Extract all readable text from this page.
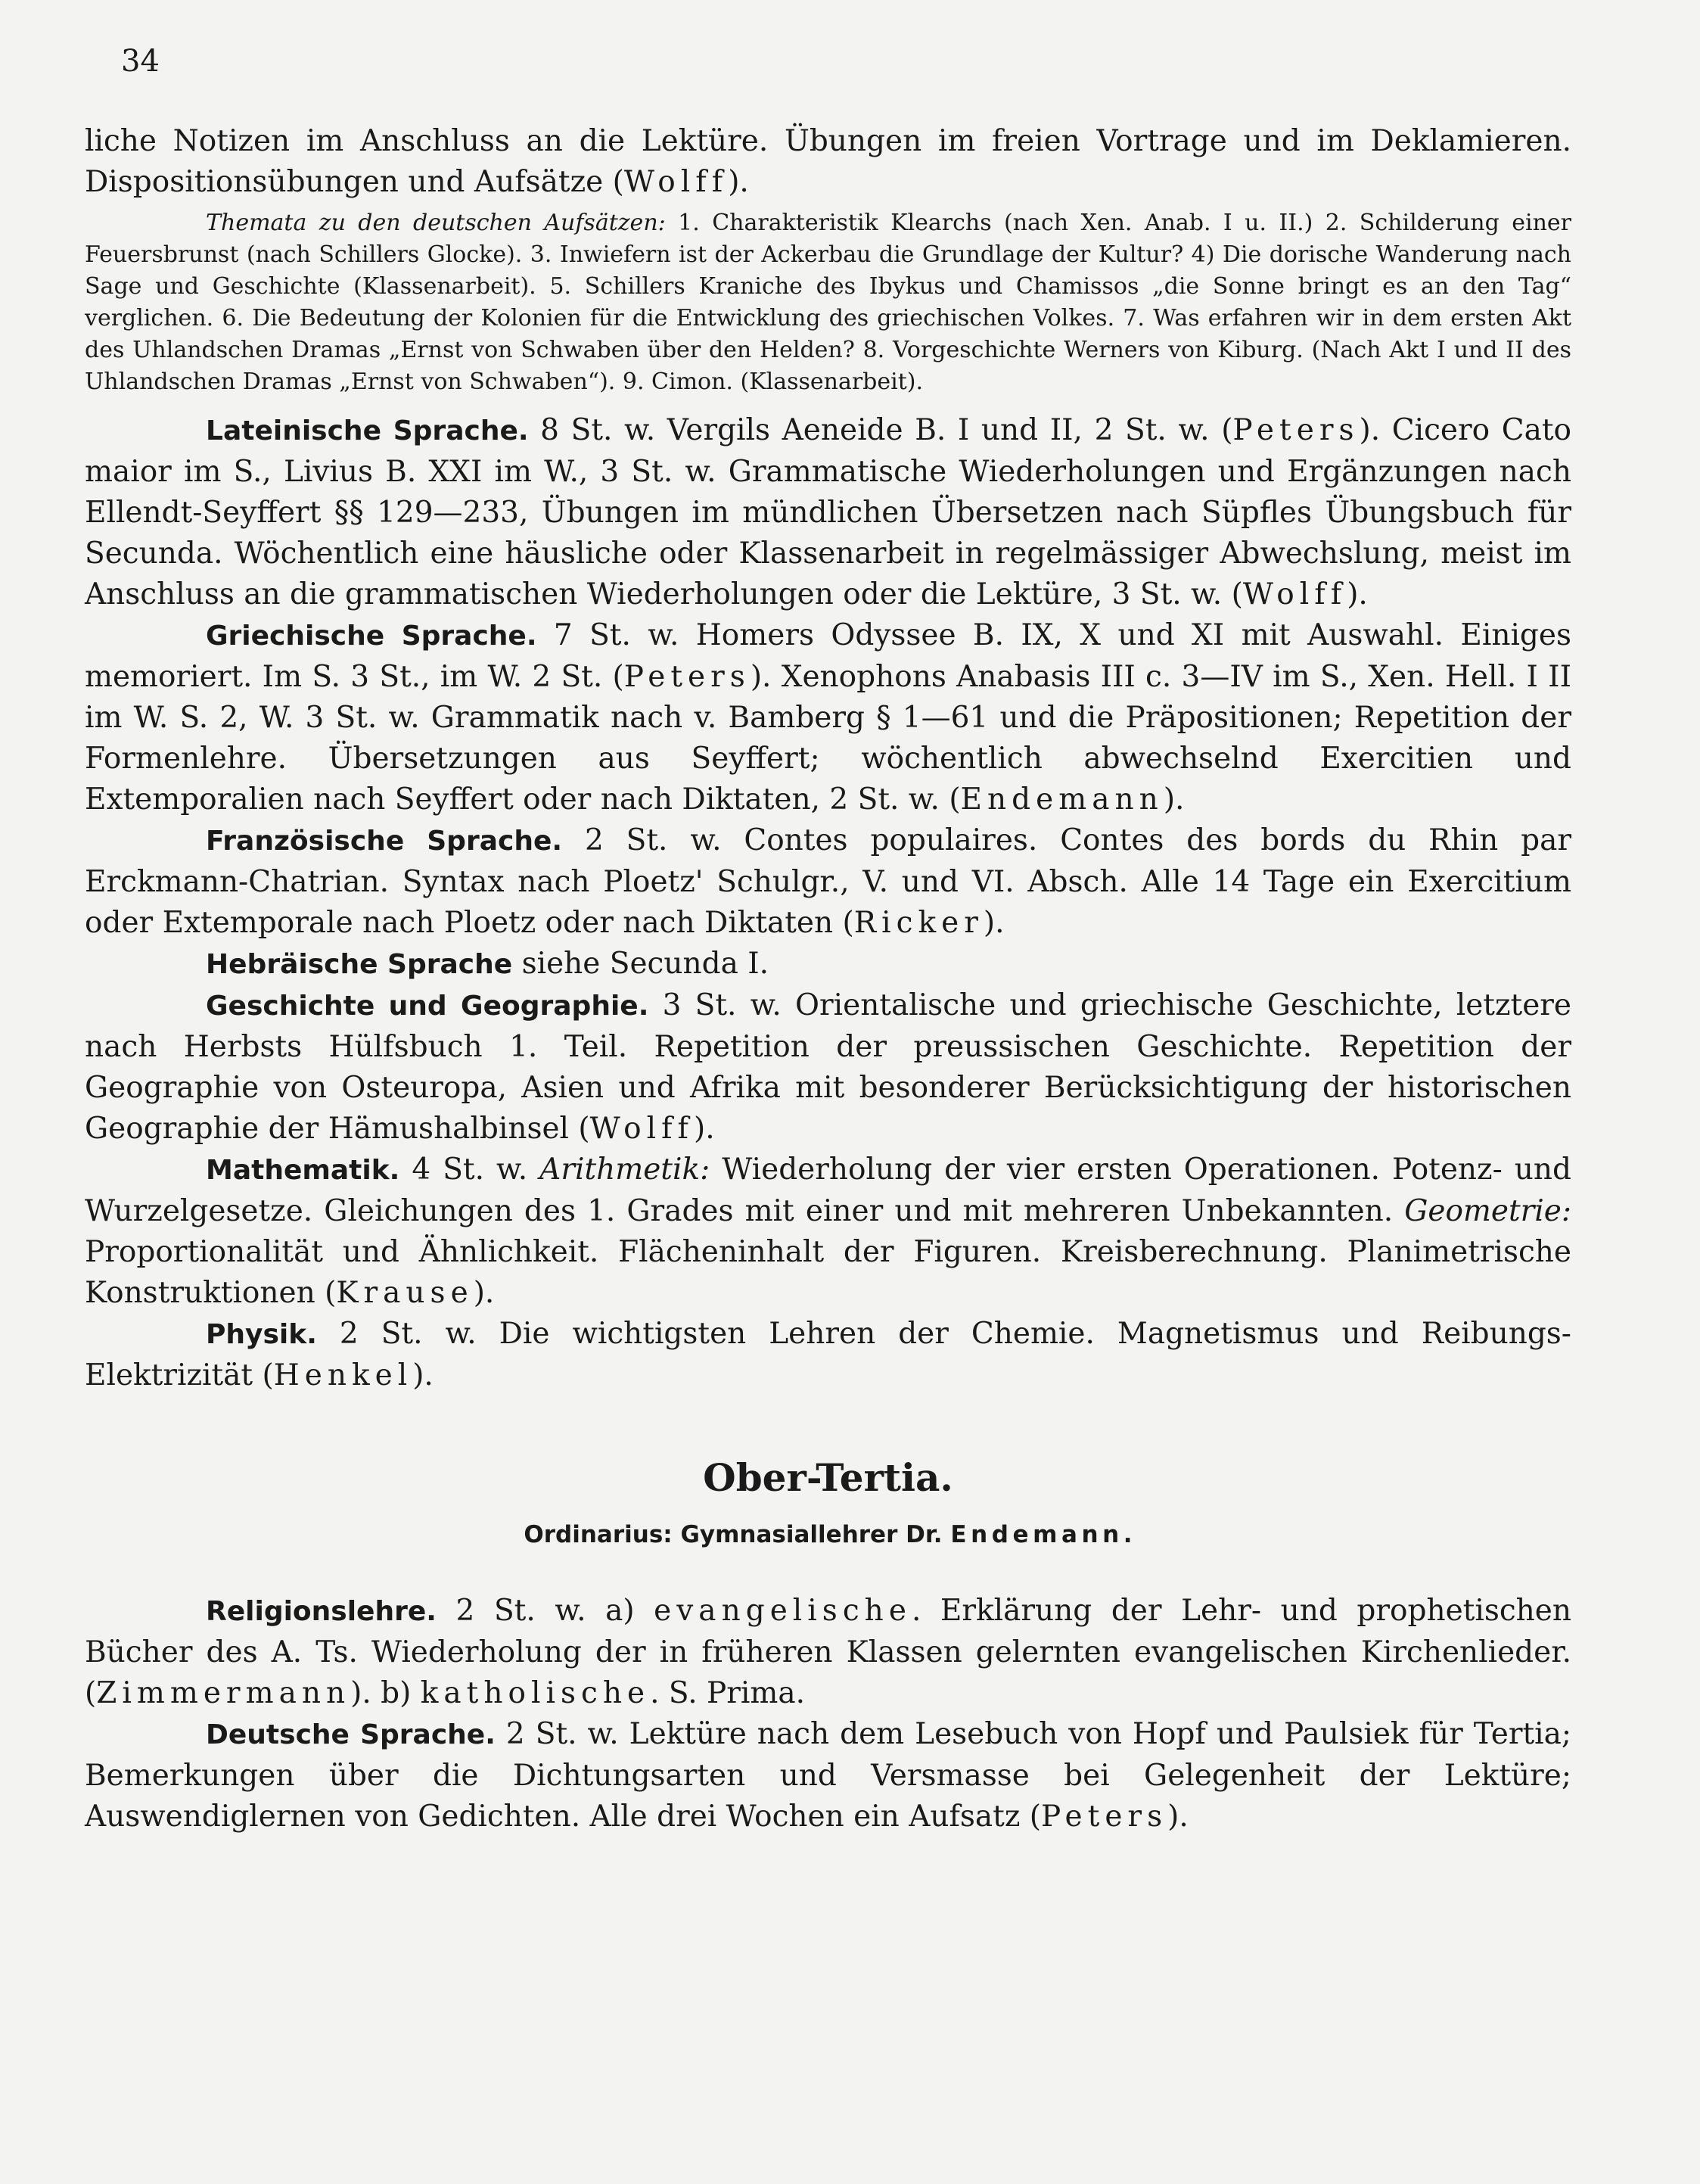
34

liche Notizen im Anschluss an die Lektüre. Übungen im freien Vortrage und im Deklamieren. Dispositionsübungen und Aufsätze (Wolff).

Themata zu den deutschen Aufsätzen: 1. Charakteristik Klearchs (nach Xen. Anab. I u. II.) 2. Schilderung einer Feuersbrunst (nach Schillers Glocke). 3. Inwiefern ist der Ackerbau die Grundlage der Kultur? 4) Die dorische Wanderung nach Sage und Geschichte (Klassenarbeit). 5. Schillers Kraniche des Ibykus und Chamissos „die Sonne bringt es an den Tag“ verglichen. 6. Die Bedeutung der Kolonien für die Entwicklung des griechischen Volkes. 7. Was erfahren wir in dem ersten Akt des Uhlandschen Dramas „Ernst von Schwaben über den Helden? 8. Vorgeschichte Werners von Kiburg. (Nach Akt I und II des Uhlandschen Dramas „Ernst von Schwaben“). 9. Cimon. (Klassenarbeit).

Lateinische Sprache. 8 St. w. Vergils Aeneide B. I und II, 2 St. w. (Peters). Cicero Cato maior im S., Livius B. XXI im W., 3 St. w. Grammatische Wiederholungen und Ergänzungen nach Ellendt-Seyffert §§ 129—233, Übungen im mündlichen Übersetzen nach Süpfles Übungsbuch für Secunda. Wöchentlich eine häusliche oder Klassenarbeit in regelmässiger Abwechslung, meist im Anschluss an die grammatischen Wiederholungen oder die Lektüre, 3 St. w. (Wolff).

Griechische Sprache. 7 St. w. Homers Odyssee B. IX, X und XI mit Auswahl. Einiges memoriert. Im S. 3 St., im W. 2 St. (Peters). Xenophons Anabasis III c. 3—IV im S., Xen. Hell. I II im W. S. 2, W. 3 St. w. Grammatik nach v. Bamberg § 1—61 und die Präpositionen; Repetition der Formenlehre. Übersetzungen aus Seyffert; wöchentlich abwechselnd Exercitien und Extemporalien nach Seyffert oder nach Diktaten, 2 St. w. (Endemann).

Französische Sprache. 2 St. w. Contes populaires. Contes des bords du Rhin par Erckmann-Chatrian. Syntax nach Ploetz' Schulgr., V. und VI. Absch. Alle 14 Tage ein Exercitium oder Extemporale nach Ploetz oder nach Diktaten (Ricker).

Hebräische Sprache siehe Secunda I.

Geschichte und Geographie. 3 St. w. Orientalische und griechische Geschichte, letztere nach Herbsts Hülfsbuch 1. Teil. Repetition der preussischen Geschichte. Repetition der Geographie von Osteuropa, Asien und Afrika mit besonderer Berücksichtigung der historischen Geographie der Hämushalbinsel (Wolff).

Mathematik. 4 St. w. Arithmetik: Wiederholung der vier ersten Operationen. Potenz- und Wurzelgesetze. Gleichungen des 1. Grades mit einer und mit mehreren Unbekannten. Geometrie: Proportionalität und Ähnlichkeit. Flächeninhalt der Figuren. Kreisberechnung. Planimetrische Konstruktionen (Krause).

Physik. 2 St. w. Die wichtigsten Lehren der Chemie. Magnetismus und Reibungs-Elektrizität (Henkel).

Ober-Tertia.
Ordinarius: Gymnasiallehrer Dr. Endemann.

Religionslehre. 2 St. w. a) evangelische. Erklärung der Lehr- und prophetischen Bücher des A. Ts. Wiederholung der in früheren Klassen gelernten evangelischen Kirchenlieder. (Zimmermann). b) katholische. S. Prima.

Deutsche Sprache. 2 St. w. Lektüre nach dem Lesebuch von Hopf und Paulsiek für Tertia; Bemerkungen über die Dichtungsarten und Versmasse bei Gelegenheit der Lektüre; Auswendiglernen von Gedichten. Alle drei Wochen ein Aufsatz (Peters).
